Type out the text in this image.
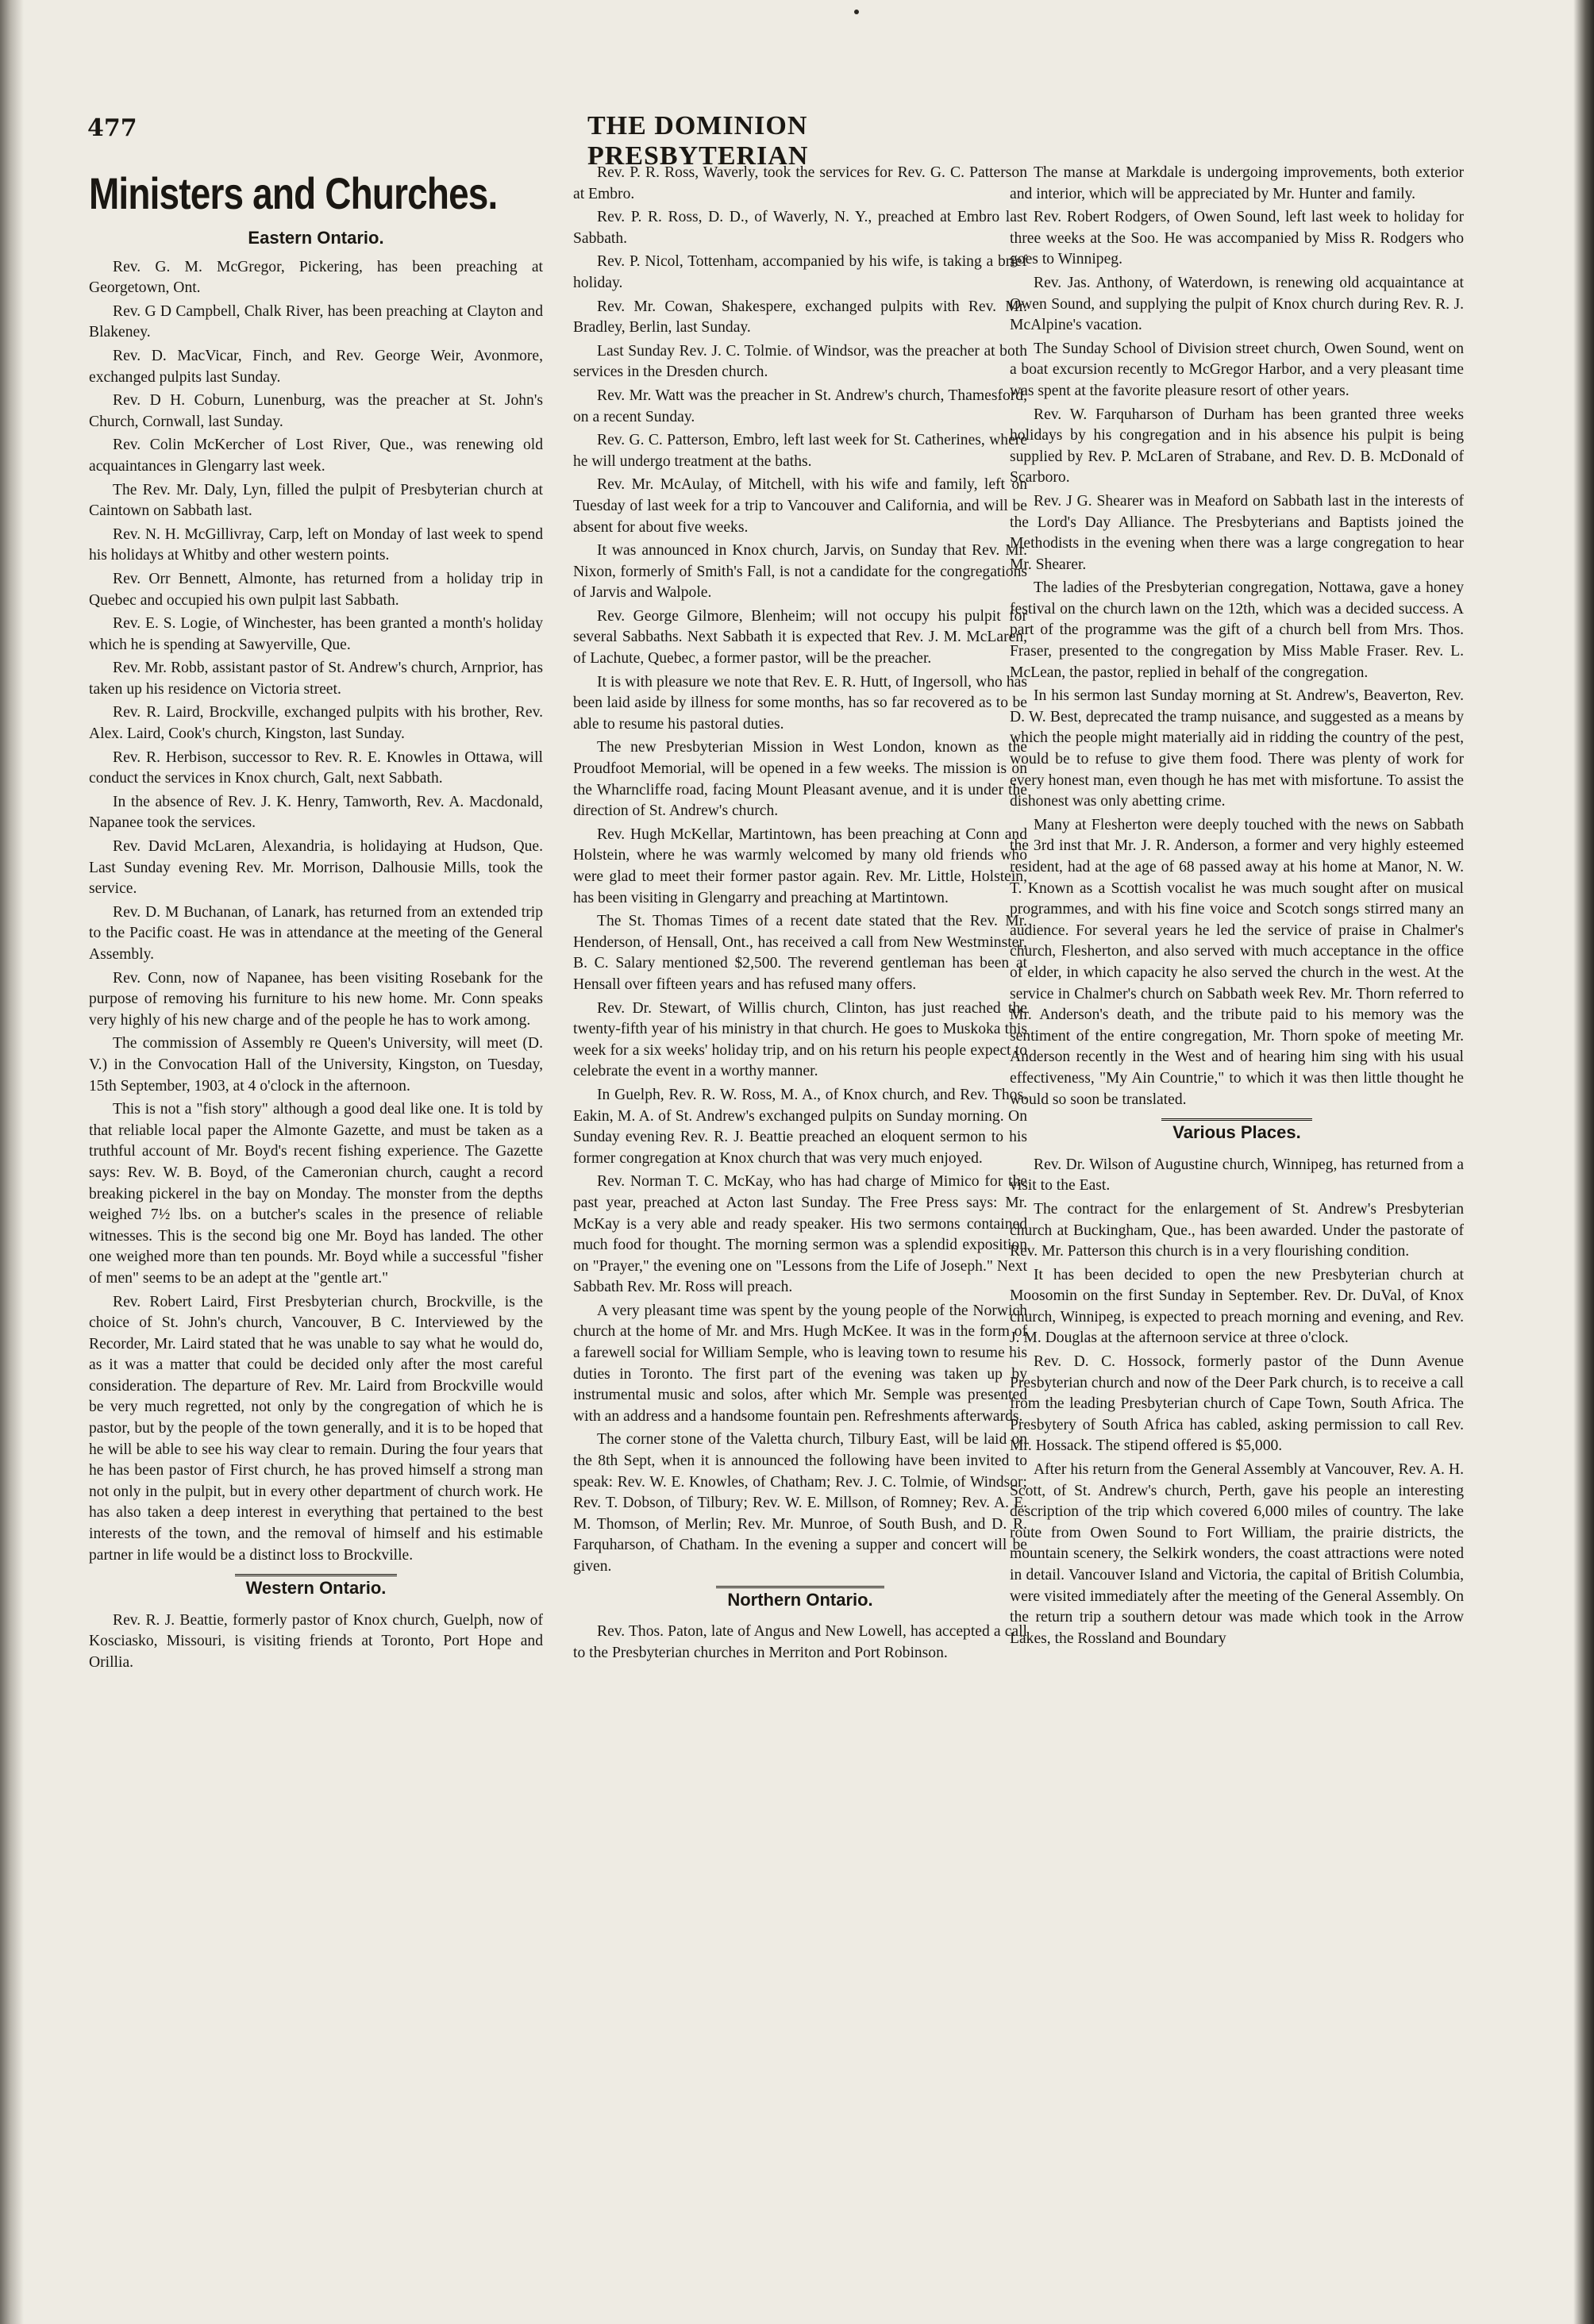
477	THE DOMINION PRESBYTERIAN
Ministers and Churches.
Eastern Ontario.

Rev. G. M. McGregor, Pickering, has been preaching at Georgetown, Ont.

Rev. G D Campbell, Chalk River, has been preaching at Clayton and Blakeney.

Rev. D. MacVicar, Finch, and Rev. George Weir, Avonmore, exchanged pulpits last Sunday.

Rev. D H. Coburn, Lunenburg, was the preacher at St. John's Church, Cornwall, last Sunday.

Rev. Colin McKercher of Lost River, Que., was renewing old acquaintances in Glengarry last week.

The Rev. Mr. Daly, Lyn, filled the pulpit of Presbyterian church at Caintown on Sabbath last.

Rev. N. H. McGillivray, Carp, left on Monday of last week to spend his holidays at Whitby and other western points.

Rev. Orr Bennett, Almonte, has returned from a holiday trip in Quebec and occupied his own pulpit last Sabbath.

Rev. E. S. Logie, of Winchester, has been granted a month's holiday which he is spending at Sawyerville, Que.

Rev. Mr. Robb, assistant pastor of St. Andrew's church, Arnprior, has taken up his residence on Victoria street.

Rev. R. Laird, Brockville, exchanged pulpits with his brother, Rev. Alex. Laird, Cook's church, Kingston, last Sunday.

Rev. R. Herbison, successor to Rev. R. E. Knowles in Ottawa, will conduct the services in Knox church, Galt, next Sabbath.

In the absence of Rev. J. K. Henry, Tamworth, Rev. A. Macdonald, Napanee took the services.

Rev. David McLaren, Alexandria, is holidaying at Hudson, Que. Last Sunday evening Rev. Mr. Morrison, Dalhousie Mills, took the service.

Rev. D. M Buchanan, of Lanark, has returned from an extended trip to the Pacific coast. He was in attendance at the meeting of the General Assembly.

Rev. Conn, now of Napanee, has been visiting Rosebank for the purpose of removing his furniture to his new home. Mr. Conn speaks very highly of his new charge and of the people he has to work among.

The commission of Assembly re Queen's University, will meet (D. V.) in the Convocation Hall of the University, Kingston, on Tuesday, 15th September, 1903, at 4 o'clock in the afternoon.

This is not a "fish story" although a good deal like one. It is told by that reliable local paper the Almonte Gazette, and must be taken as a truthful account of Mr. Boyd's recent fishing experience. The Gazette says: Rev. W. B. Boyd, of the Cameronian church, caught a record breaking pickerel in the bay on Monday. The monster from the depths weighed 7½ lbs. on a butcher's scales in the presence of reliable witnesses. This is the second big one Mr. Boyd has landed. The other one weighed more than ten pounds. Mr. Boyd while a successful "fisher of men" seems to be an adept at the "gentle art."

Rev. Robert Laird, First Presbyterian church, Brockville, is the choice of St. John's church, Vancouver, B C. Interviewed by the Recorder, Mr. Laird stated that he was unable to say what he would do, as it was a matter that could be decided only after the most careful consideration. The departure of Rev. Mr. Laird from Brockville would be very much regretted, not only by the congregation of which he is pastor, but by the people of the town generally, and it is to be hoped that he will be able to see his way clear to remain. During the four years that he has been pastor of First church, he has proved himself a strong man not only in the pulpit, but in every other department of church work. He has also taken a deep interest in everything that pertained to the best interests of the town, and the removal of himself and his estimable partner in life would be a distinct loss to Brockville.

Western Ontario.

Rev. R. J. Beattie, formerly pastor of Knox church, Guelph, now of Kosciasko, Missouri, is visiting friends at Toronto, Port Hope and Orillia.

Rev. P. R. Ross, Waverly, took the services for Rev. G. C. Patterson at Embro.

Rev. P. R. Ross, D. D., of Waverly, N. Y., preached at Embro last Sabbath.

Rev. P. Nicol, Tottenham, accompanied by his wife, is taking a brief holiday.

Rev. Mr. Cowan, Shakespere, exchanged pulpits with Rev. Mr. Bradley, Berlin, last Sunday.

Last Sunday Rev. J. C. Tolmie. of Windsor, was the preacher at both services in the Dresden church.

Rev. Mr. Watt was the preacher in St. Andrew's church, Thamesford, on a recent Sunday.

Rev. G. C. Patterson, Embro, left last week for St. Catherines, where he will undergo treatment at the baths.

Rev. Mr. McAulay, of Mitchell, with his wife and family, left on Tuesday of last week for a trip to Vancouver and California, and will be absent for about five weeks.

It was announced in Knox church, Jarvis, on Sunday that Rev. Mr. Nixon, formerly of Smith's Fall, is not a candidate for the congregations of Jarvis and Walpole.

Rev. George Gilmore, Blenheim; will not occupy his pulpit for several Sabbaths. Next Sabbath it is expected that Rev. J. M. McLaren, of Lachute, Quebec, a former pastor, will be the preacher.

It is with pleasure we note that Rev. E. R. Hutt, of Ingersoll, who has been laid aside by illness for some months, has so far recovered as to be able to resume his pastoral duties.

The new Presbyterian Mission in West London, known as the Proudfoot Memorial, will be opened in a few weeks. The mission is on the Wharncliffe road, facing Mount Pleasant avenue, and it is under the direction of St. Andrew's church.

Rev. Hugh McKellar, Martintown, has been preaching at Conn and Holstein, where he was warmly welcomed by many old friends who were glad to meet their former pastor again. Rev. Mr. Little, Holstein, has been visiting in Glengarry and preaching at Martintown.

The St. Thomas Times of a recent date stated that the Rev. Mr. Henderson, of Hensall, Ont., has received a call from New Westminster, B. C. Salary mentioned $2,500. The reverend gentleman has been at Hensall over fifteen years and has refused many offers.

Rev. Dr. Stewart, of Willis church, Clinton, has just reached the twenty-fifth year of his ministry in that church. He goes to Muskoka this week for a six weeks' holiday trip, and on his return his people expect to celebrate the event in a worthy manner.

In Guelph, Rev. R. W. Ross, M. A., of Knox church, and Rev. Thos. Eakin, M. A. of St. Andrew's exchanged pulpits on Sunday morning. On Sunday evening Rev. R. J. Beattie preached an eloquent sermon to his former congregation at Knox church that was very much enjoyed.

Rev. Norman T. C. McKay, who has had charge of Mimico for the past year, preached at Acton last Sunday. The Free Press says: Mr. McKay is a very able and ready speaker. His two sermons contained much food for thought. The morning sermon was a splendid exposition on "Prayer," the evening one on "Lessons from the Life of Joseph." Next Sabbath Rev. Mr. Ross will preach.

A very pleasant time was spent by the young people of the Norwich church at the home of Mr. and Mrs. Hugh McKee. It was in the form of a farewell social for William Semple, who is leaving town to resume his duties in Toronto. The first part of the evening was taken up by instrumental music and solos, after which Mr. Semple was presented with an address and a handsome fountain pen. Refreshments afterwards.

The corner stone of the Valetta church, Tilbury East, will be laid on the 8th Sept, when it is announced the following have been invited to speak: Rev. W. E. Knowles, of Chatham; Rev. J. C. Tolmie, of Windsor; Rev. T. Dobson, of Tilbury; Rev. W. E. Millson, of Romney; Rev. A. E. M. Thomson, of Merlin; Rev. Mr. Munroe, of South Bush, and D. R. Farquharson, of Chatham. In the evening a supper and concert will be given.

Northern Ontario.

Rev. Thos. Paton, late of Angus and New Lowell, has accepted a call to the Presbyterian churches in Merriton and Port Robinson.

The manse at Markdale is undergoing improvements, both exterior and interior, which will be appreciated by Mr. Hunter and family.

Rev. Robert Rodgers, of Owen Sound, left last week to holiday for three weeks at the Soo. He was accompanied by Miss R. Rodgers who goes to Winnipeg.

Rev. Jas. Anthony, of Waterdown, is renewing old acquaintance at Owen Sound, and supplying the pulpit of Knox church during Rev. R. J. McAlpine's vacation.

The Sunday School of Division street church, Owen Sound, went on a boat excursion recently to McGregor Harbor, and a very pleasant time was spent at the favorite pleasure resort of other years.

Rev. W. Farquharson of Durham has been granted three weeks holidays by his congregation and in his absence his pulpit is being supplied by Rev. P. McLaren of Strabane, and Rev. D. B. McDonald of Scarboro.

Rev. J G. Shearer was in Meaford on Sabbath last in the interests of the Lord's Day Alliance. The Presbyterians and Baptists joined the Methodists in the evening when there was a large congregation to hear Mr. Shearer.

The ladies of the Presbyterian congregation, Nottawa, gave a honey festival on the church lawn on the 12th, which was a decided success. A part of the programme was the gift of a church bell from Mrs. Thos. Fraser, presented to the congregation by Miss Mable Fraser. Rev. L. McLean, the pastor, replied in behalf of the congregation.

In his sermon last Sunday morning at St. Andrew's, Beaverton, Rev. D. W. Best, deprecated the tramp nuisance, and suggested as a means by which the people might materially aid in ridding the country of the pest, would be to refuse to give them food. There was plenty of work for every honest man, even though he has met with misfortune. To assist the dishonest was only abetting crime.

Many at Flesherton were deeply touched with the news on Sabbath the 3rd inst that Mr. J. R. Anderson, a former and very highly esteemed resident, had at the age of 68 passed away at his home at Manor, N. W. T. Known as a Scottish vocalist he was much sought after on musical programmes, and with his fine voice and Scotch songs stirred many an audience. For several years he led the service of praise in Chalmer's church, Flesherton, and also served with much acceptance in the office of elder, in which capacity he also served the church in the west. At the service in Chalmer's church on Sabbath week Rev. Mr. Thorn referred to Mr. Anderson's death, and the tribute paid to his memory was the sentiment of the entire congregation, Mr. Thorn spoke of meeting Mr. Anderson recently in the West and of hearing him sing with his usual effectiveness, "My Ain Countrie," to which it was then little thought he would so soon be translated.

Various Places.

Rev. Dr. Wilson of Augustine church, Winnipeg, has returned from a visit to the East.

The contract for the enlargement of St. Andrew's Presbyterian church at Buckingham, Que., has been awarded. Under the pastorate of Rev. Mr. Patterson this church is in a very flourishing condition.

It has been decided to open the new Presbyterian church at Moosomin on the first Sunday in September. Rev. Dr. DuVal, of Knox church, Winnipeg, is expected to preach morning and evening, and Rev. J. M. Douglas at the afternoon service at three o'clock.

Rev. D. C. Hossock, formerly pastor of the Dunn Avenue Presbyterian church and now of the Deer Park church, is to receive a call from the leading Presbyterian church of Cape Town, South Africa. The Presbytery of South Africa has cabled, asking permission to call Rev. Mr. Hossack. The stipend offered is $5,000.

After his return from the General Assembly at Vancouver, Rev. A. H. Scott, of St. Andrew's church, Perth, gave his people an interesting description of the trip which covered 6,000 miles of country. The lake route from Owen Sound to Fort William, the prairie districts, the mountain scenery, the Selkirk wonders, the coast attractions were noted in detail. Vancouver Island and Victoria, the capital of British Columbia, were visited immediately after the meeting of the General Assembly. On the return trip a southern detour was made which took in the Arrow Lakes, the Rossland and Boundary
